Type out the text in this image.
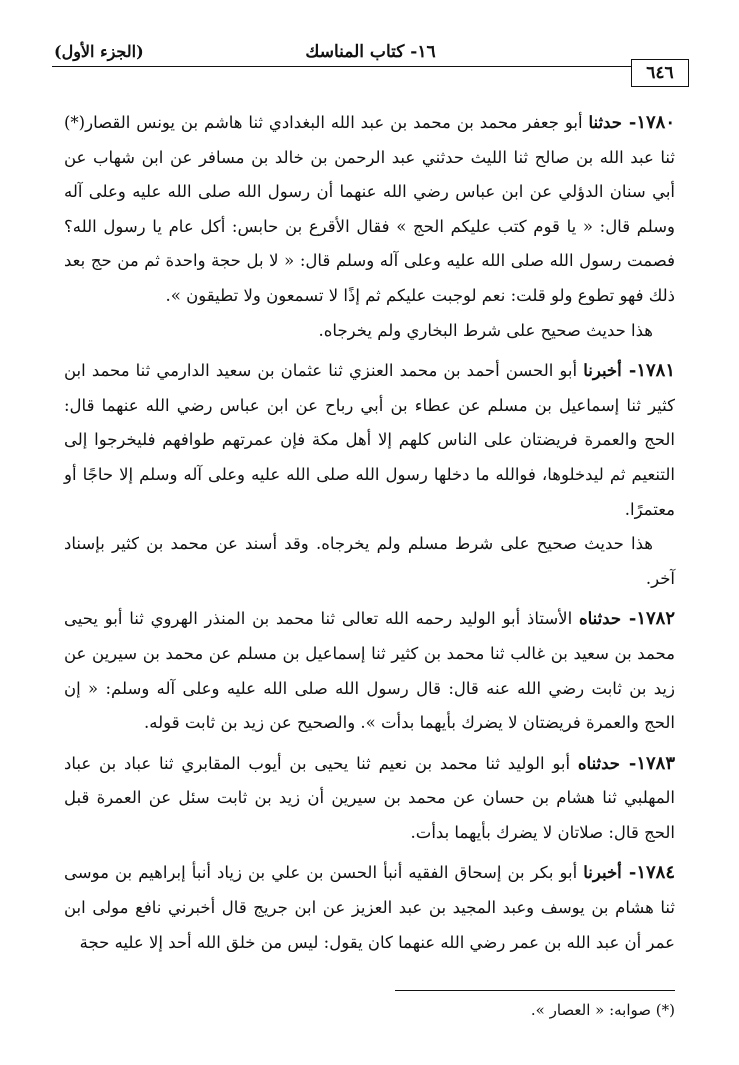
١٦- كتاب المناسك
(الجزء الأول)
٦٤٦

١٧٨٠- حدثنا أبو جعفر محمد بن محمد بن عبد الله البغدادي ثنا هاشم بن يونس القصار(*) ثنا عبد الله بن صالح ثنا الليث حدثني عبد الرحمن بن خالد بن مسافر عن ابن شهاب عن أبي سنان الدؤلي عن ابن عباس رضي الله عنهما أن رسول الله صلى الله عليه وعلى آله وسلم قال: « يا قوم كتب عليكم الحج » فقال الأقرع بن حابس: أكل عام يا رسول الله؟ فصمت رسول الله صلى الله عليه وعلى آله وسلم قال: « لا بل حجة واحدة ثم من حج بعد ذلك فهو تطوع ولو قلت: نعم لوجبت عليكم ثم إذًا لا تسمعون ولا تطيقون ».

هذا حديث صحيح على شرط البخاري ولم يخرجاه.

١٧٨١- أخبرنا أبو الحسن أحمد بن محمد العنزي ثنا عثمان بن سعيد الدارمي ثنا محمد ابن كثير ثنا إسماعيل بن مسلم عن عطاء بن أبي رباح عن ابن عباس رضي الله عنهما قال: الحج والعمرة فريضتان على الناس كلهم إلا أهل مكة فإن عمرتهم طوافهم فليخرجوا إلى التنعيم ثم ليدخلوها، فوالله ما دخلها رسول الله صلى الله عليه وعلى آله وسلم إلا حاجًا أو معتمرًا.

هذا حديث صحيح على شرط مسلم ولم يخرجاه. وقد أسند عن محمد بن كثير بإسناد آخر.

١٧٨٢- حدثناه الأستاذ أبو الوليد رحمه الله تعالى ثنا محمد بن المنذر الهروي ثنا أبو يحيى محمد بن سعيد بن غالب ثنا محمد بن كثير ثنا إسماعيل بن مسلم عن محمد بن سيرين عن زيد بن ثابت رضي الله عنه قال: قال رسول الله صلى الله عليه وعلى آله وسلم: « إن الحج والعمرة فريضتان لا يضرك بأيهما بدأت ». والصحيح عن زيد بن ثابت قوله.

١٧٨٣- حدثناه أبو الوليد ثنا محمد بن نعيم ثنا يحيى بن أيوب المقابري ثنا عباد بن عباد المهلبي ثنا هشام بن حسان عن محمد بن سيرين أن زيد بن ثابت سئل عن العمرة قبل الحج قال: صلاتان لا يضرك بأيهما بدأت.

١٧٨٤- أخبرنا أبو بكر بن إسحاق الفقيه أنبأ الحسن بن علي بن زياد أنبأ إبراهيم بن موسى ثنا هشام بن يوسف وعبد المجيد بن عبد العزيز عن ابن جريج قال أخبرني نافع مولى ابن عمر أن عبد الله بن عمر رضي الله عنهما كان يقول: ليس من خلق الله أحد إلا عليه حجة

(*) صوابه: « العصار ».
